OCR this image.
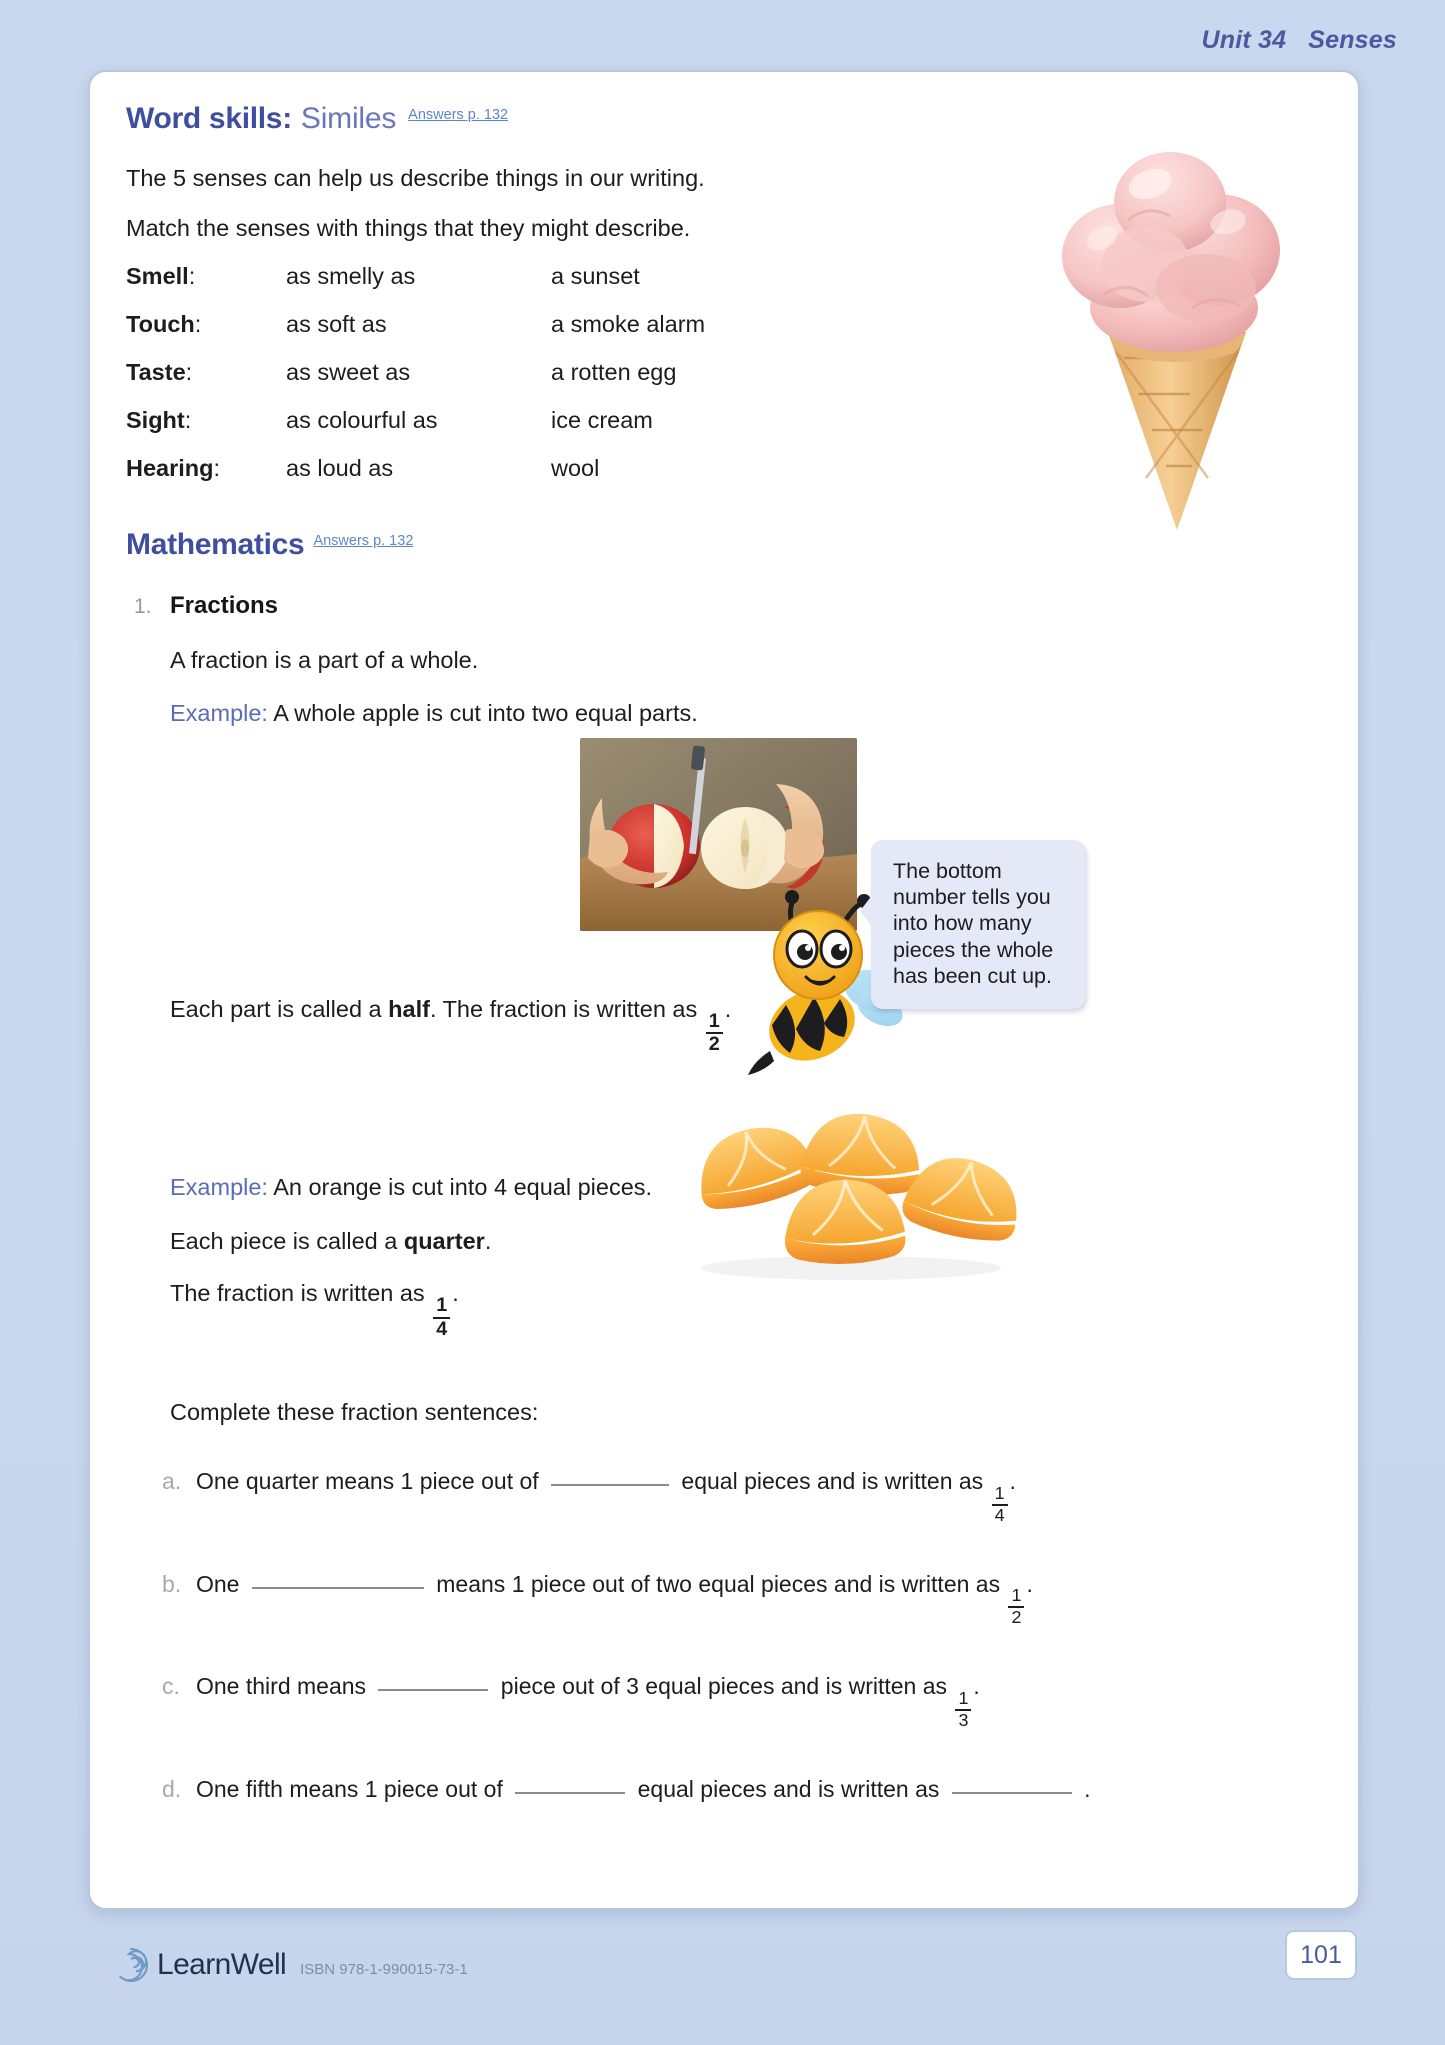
Unit 34 Senses
Word skills: Similes Answers p. 132
The 5 senses can help us describe things in our writing.
Match the senses with things that they might describe.
Smell:	as smelly as	a sunset
Touch:	as soft as	a smoke alarm
Taste:	as sweet as	a rotten egg
Sight:	as colourful as	ice cream
Hearing:	as loud as	wool
Mathematics Answers p. 132
1. Fractions
A fraction is a part of a whole.
Example: A whole apple is cut into two equal parts.
Each part is called a half. The fraction is written as
$\frac{1}{2}$
.
The bottom number tells you into how many pieces the whole has been cut up.
Example: An orange is cut into 4 equal pieces.
Each piece is called a quarter.
The fraction is written as
$\frac{1}{4}$
.
Complete these fraction sentences:
a. One quarter means 1 piece out of	equal pieces and is written as
$\frac{1}{4}$
.
b. One	means 1 piece out of two equal pieces and is written as
$\frac{1}{2}$
.
c. One third means	piece out of 3 equal pieces and is written as
$\frac{1}{3}$
.
d. One fifth means 1 piece out of	equal pieces and is written as	.
LearnWell ISBN 978-1-990015-73-1
101
